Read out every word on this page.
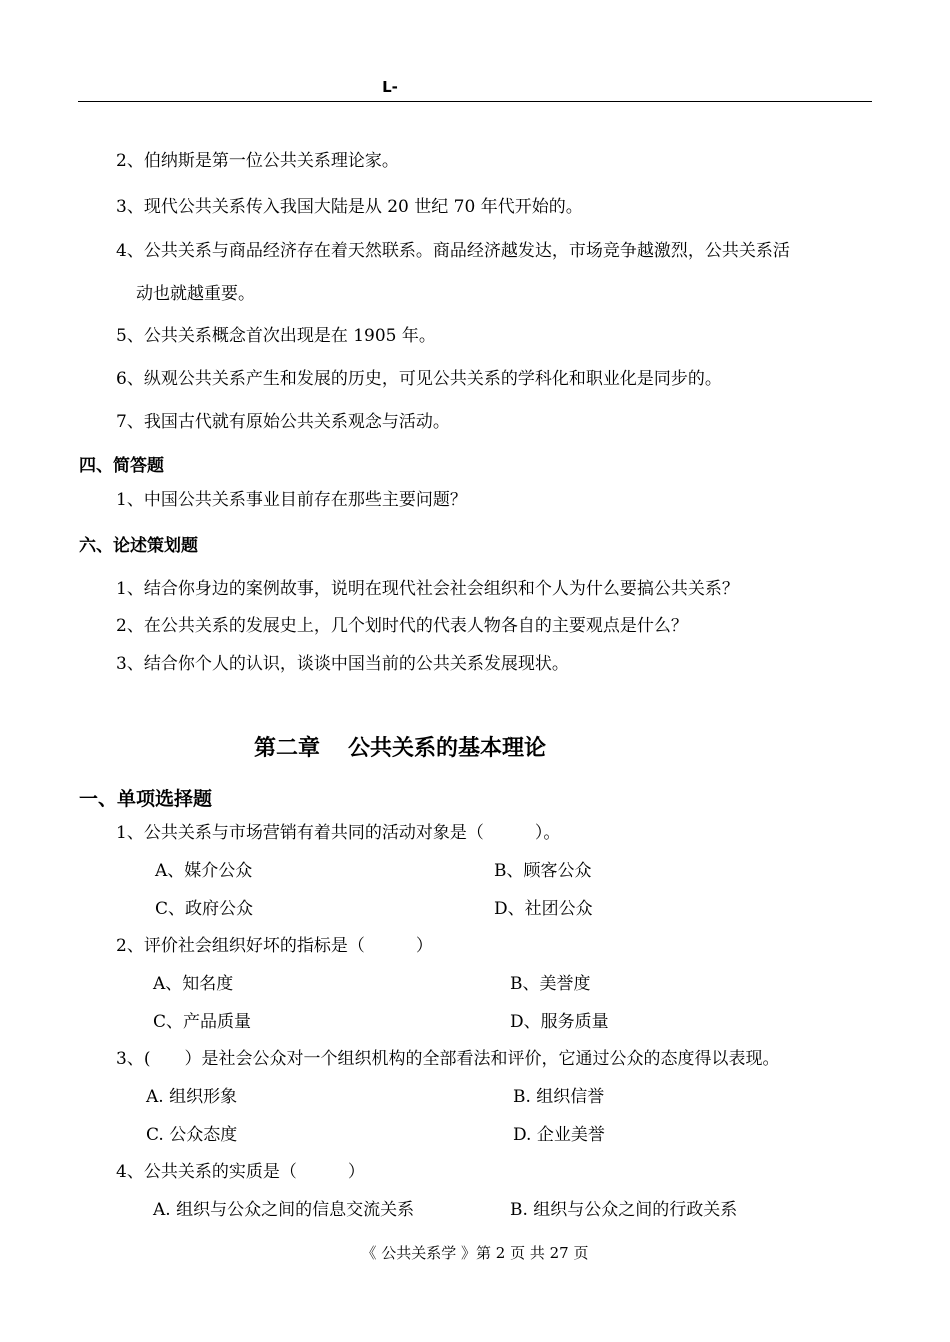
L-
2、伯纳斯是第一位公共关系理论家。
3、现代公共关系传入我国大陆是从 20 世纪 70 年代开始的。
4、公共关系与商品经济存在着天然联系。商品经济越发达，市场竞争越激烈，公共关系活
动也就越重要。
5、公共关系概念首次出现是在 1905 年。
6、纵观公共关系产生和发展的历史，可见公共关系的学科化和职业化是同步的。
7、我国古代就有原始公共关系观念与活动。
四、简答题
1、中国公共关系事业目前存在那些主要问题？
六、论述策划题
1、结合你身边的案例故事，说明在现代社会社会组织和个人为什么要搞公共关系？
2、在公共关系的发展史上，几个划时代的代表人物各自的主要观点是什么？
3、结合你个人的认识，谈谈中国当前的公共关系发展现状。
第二章 公共关系的基本理论
一、单项选择题
1、公共关系与市场营销有着共同的活动对象是（　　　）。
A、媒介公众	B、顾客公众
C、政府公众	D、社团公众
2、评价社会组织好坏的指标是（　　　）
A、知名度	B、美誉度
C、产品质量	D、服务质量
3、(　　）是社会公众对一个组织机构的全部看法和评价，它通过公众的态度得以表现。
A. 组织形象	B. 组织信誉
C. 公众态度	D. 企业美誉
4、公共关系的实质是（　　　）
A. 组织与公众之间的信息交流关系	B. 组织与公众之间的行政关系
《 公共关系学 》第 2 页 共 27 页
